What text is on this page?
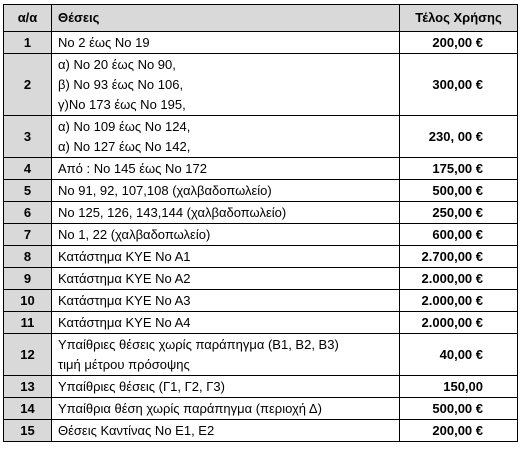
α/α	Θέσεις	Τέλος Χρήσης
1	Νο 2 έως Νο 19	200,00 €
2	α) Νο 20 έως Νο 90,
β) Νο 93 έως Νο 106,
γ)Νο 173 έως Νο 195,	300,00 €
3	α) Νο 109 έως Νο 124,
α) Νο 127 έως Νο 142,	230, 00 €
4	Από : Νο 145 έως Νο 172	175,00 €
5	Νο 91, 92, 107,108 (χαλβαδοπωλείο)	500,00 €
6	Νο 125, 126, 143,144 (χαλβαδοπωλείο)	250,00 €
7	Νο 1, 22 (χαλβαδοπωλείο)	600,00 €
8	Κατάστημα ΚΥΕ Νο Α1	2.700,00 €
9	Κατάστημα ΚΥΕ Νο Α2	2.000,00 €
10	Κατάστημα ΚΥΕ Νο Α3	2.000,00 €
11	Κατάστημα ΚΥΕ Νο Α4	2.000,00 €
12	Υπαίθριες θέσεις χωρίς παράπηγμα (Β1, Β2, Β3)
τιμή μέτρου πρόσοψης	40,00 €
13	Υπαίθριες θέσεις (Γ1, Γ2, Γ3)	150,00
14	Υπαίθρια θέση χωρίς παράπηγμα (περιοχή Δ)	500,00 €
15	Θέσεις Καντίνας Νο Ε1, Ε2	200,00 €
